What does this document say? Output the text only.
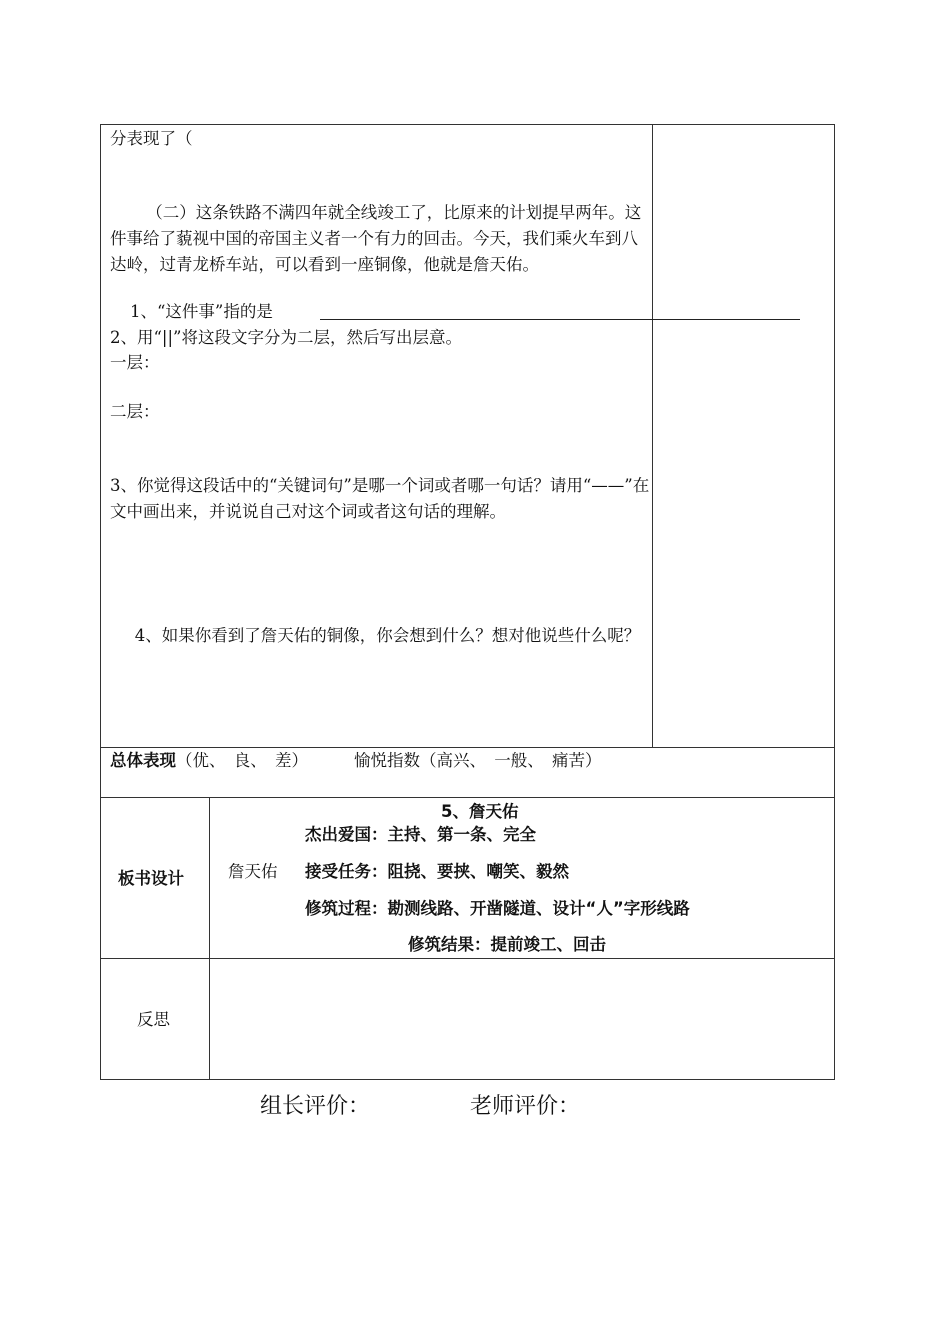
分表现了（
（二）这条铁路不满四年就全线竣工了，比原来的计划提早两年。这件事给了藐视中国的帝国主义者一个有力的回击。今天，我们乘火车到八达岭，过青龙桥车站，可以看到一座铜像，他就是詹天佑。
1、“这件事”指的是
2、用“||”将这段文字分为二层，然后写出层意。
一层：
二层：
3、你觉得这段话中的“关键词句”是哪一个词或者哪一句话？请用“——”在文中画出来，并说说自己对这个词或者这句话的理解。
4、如果你看到了詹天佑的铜像，你会想到什么？想对他说些什么呢？
总体表现（优、　良、　差）	愉悦指数（高兴、　一般、　痛苦）
板书设计
5、詹天佑
詹天佑
杰出爱国：主持、第一条、完全
接受任务：阻挠、要挟、嘲笑、毅然
修筑过程：勘测线路、开凿隧道、设计“人”字形线路
修筑结果：提前竣工、回击
反思
组长评价：	老师评价：
